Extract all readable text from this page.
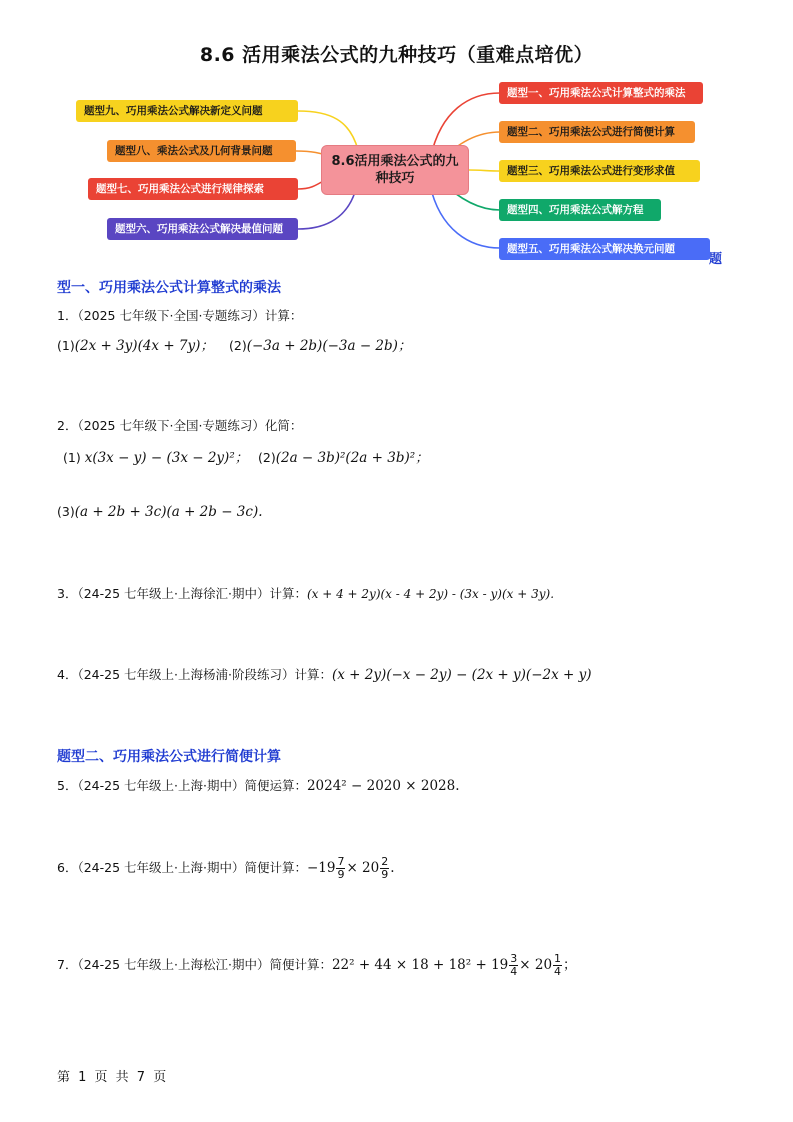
8.6 活用乘法公式的九种技巧（重难点培优）
8.6活用乘法公式的九
种技巧
题型一、巧用乘法公式计算整式的乘法
题型二、巧用乘法公式进行简便计算
题型三、巧用乘法公式进行变形求值
题型四、巧用乘法公式解方程
题型五、巧用乘法公式解决换元问题
题
题型九、巧用乘法公式解决新定义问题
题型八、乘法公式及几何背景问题
题型七、巧用乘法公式进行规律探索
题型六、巧用乘法公式解决最值问题
型一、巧用乘法公式计算整式的乘法
1．（2025 七年级下·全国·专题练习）计算：
(1)(2x + 3y)(4x + 7y)； (2)(−3a + 2b)(−3a − 2b)；
2．（2025 七年级下·全国·专题练习）化简：
(1) x(3x − y) − (3x − 2y)²； (2)(2a − 3b)²(2a + 3b)²；
(3)(a + 2b + 3c)(a + 2b − 3c).
3．（24-25 七年级上·上海徐汇·期中）计算：(x + 4 + 2y)(x - 4 + 2y) - (3x - y)(x + 3y).
4．（24-25 七年级上·上海杨浦·阶段练习）计算：(x + 2y)(−x − 2y) − (2x + y)(−2x + y)
题型二、巧用乘法公式进行简便计算
5．（24-25 七年级上·上海·期中）简便运算：2024² − 2020 × 2028.
6．（24-25 七年级上·上海·期中）简便计算：$-19 \frac{7}{9} \times 20 \frac{2}{9}$ .
7．（24-25 七年级上·上海松江·期中）简便计算：$22^2 + 44 \times 18 + 18^2 + 19 \frac{3}{4} \times 20 \frac{1}{4}$ ；
第 1 页 共 7 页
